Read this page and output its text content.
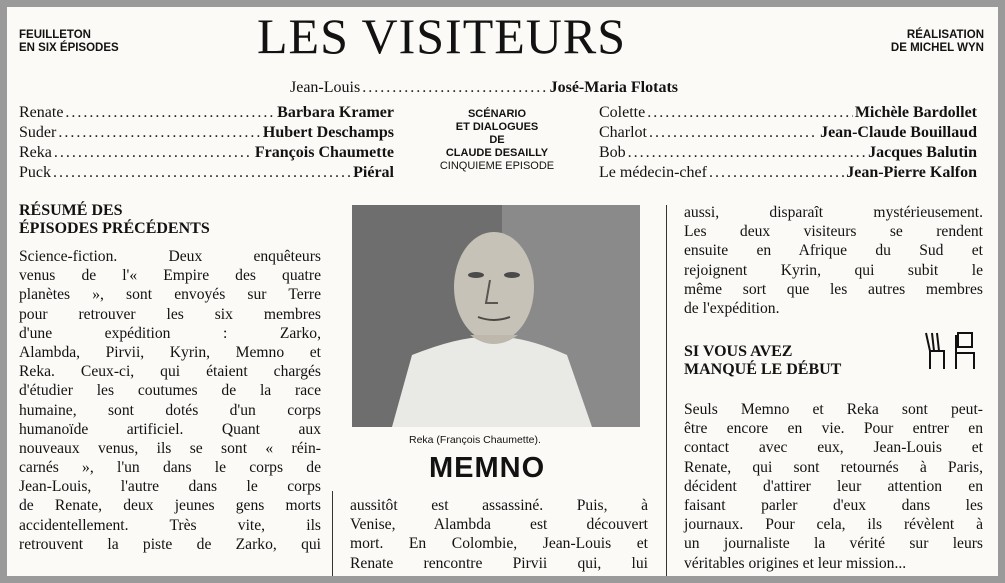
FEUILLETON
EN SIX ÉPISODES	LES VISITEURS	RÉALISATION
DE MICHEL WYN
Jean-Louis .....	José-Maria Flotats
Renate .....	Barbara Kramer
Suder .....	Hubert Deschamps
Reka .....	François Chaumette
Puck .....	Piéral
SCÉNARIO
ET DIALOGUES
DE
CLAUDE DESAILLY
CINQUIEME EPISODE
Colette .....	Michèle Bardollet
Charlot .....	Jean-Claude Bouillaud
Bob .....	Jacques Balutin
Le médecin-chef .....	Jean-Pierre Kalfon
RÉSUMÉ DES
ÉPISODES PRÉCÉDENTS
Science-fiction. Deux enquêteurs
venus de l'« Empire des quatre
planètes », sont envoyés sur Terre
pour retrouver les six membres
d'une expédition : Zarko,
Alambda, Pirvii, Kyrin, Memno et
Reka. Ceux-ci, qui étaient chargés
d'étudier les coutumes de la race
humaine, sont dotés d'un corps
humanoïde artificiel. Quant aux
nouveaux venus, ils se sont « réin-
carnés », l'un dans le corps de
Jean-Louis, l'autre dans le corps
de Renate, deux jeunes gens morts
accidentellement. Très vite, ils
retrouvent la piste de Zarko, qui
Reka (François Chaumette).
MEMNO
aussitôt est assassiné. Puis, à
Venise, Alambda est découvert
mort. En Colombie, Jean-Louis et
Renate rencontre Pirvii qui, lui
aussi, disparaît mystérieusement.
Les deux visiteurs se rendent
ensuite en Afrique du Sud et
rejoignent Kyrin, qui subit le
même sort que les autres membres
de l'expédition.
SI VOUS AVEZ
MANQUÉ LE DÉBUT
Seuls Memno et Reka sont peut-
être encore en vie. Pour entrer en
contact avec eux, Jean-Louis et
Renate, qui sont retournés à Paris,
décident d'attirer leur attention en
faisant parler d'eux dans les
journaux. Pour cela, ils révèlent à
un journaliste la vérité sur leurs
véritables origines et leur mission...
